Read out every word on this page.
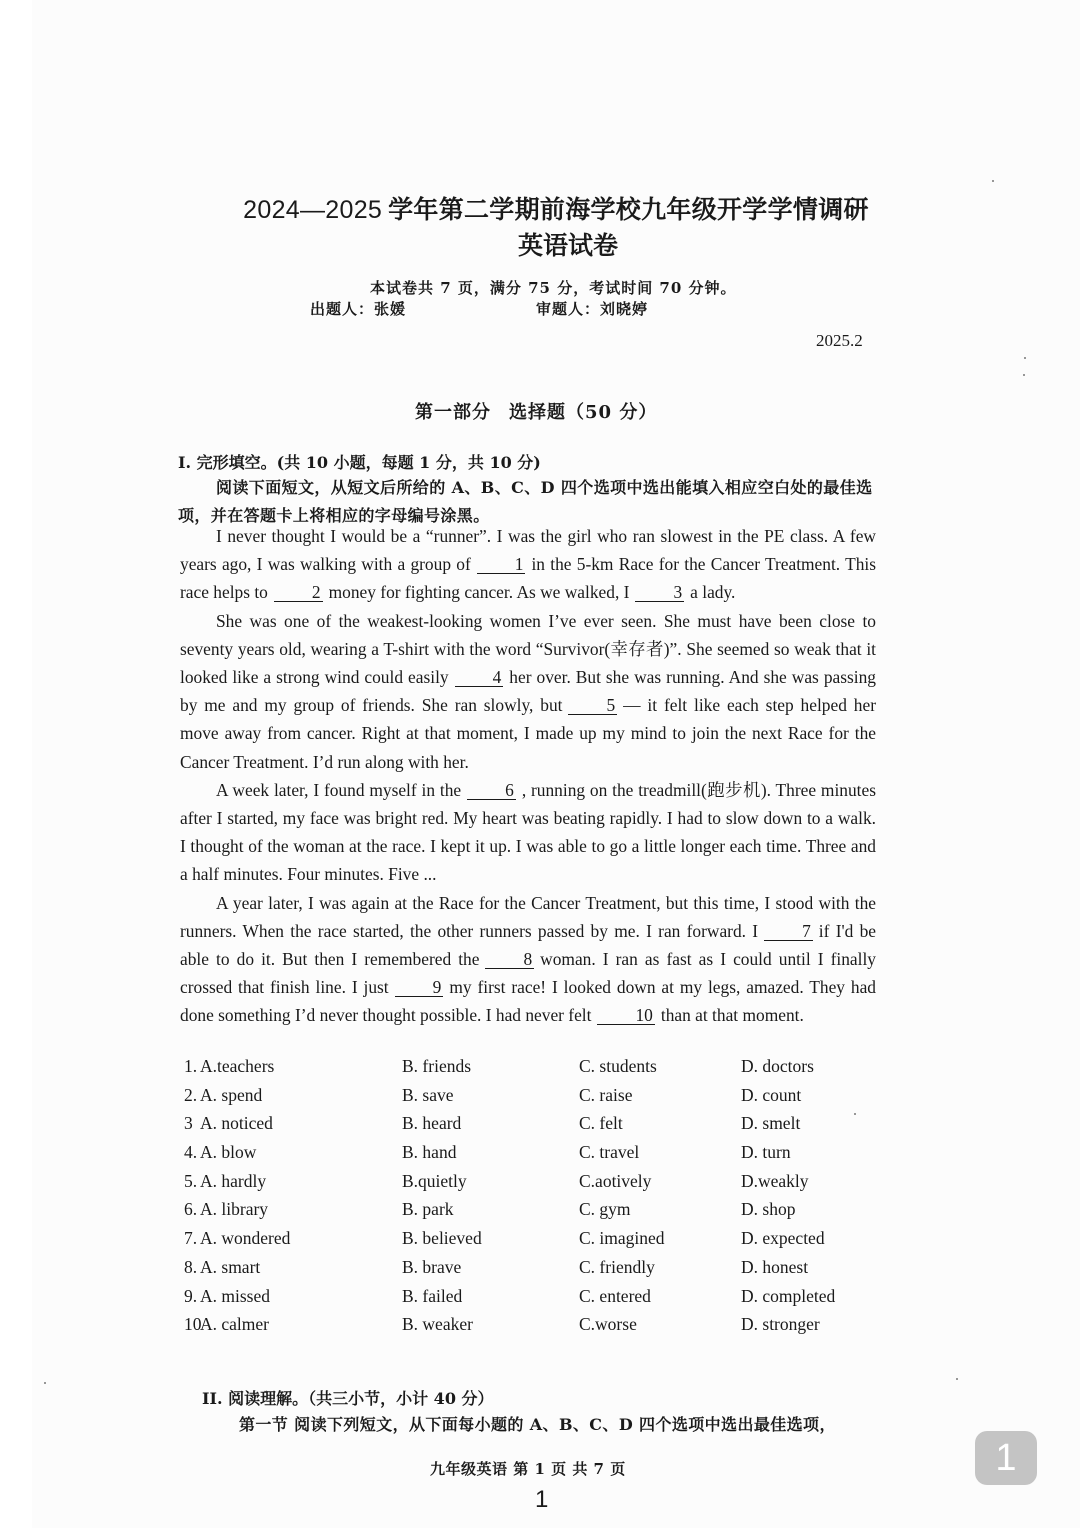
2024—2025 学年第二学期前海学校九年级开学学情调研
英语试卷
本试卷共 7 页，满分 75 分，考试时间 70 分钟。
出题人：张媛	审题人：刘晓婷
2025.2
第一部分 选择题（50 分）
I. 完形填空。(共 10 小题，每题 1 分，共 10 分)
阅读下面短文，从短文后所给的 A、B、C、D 四个选项中选出能填入相应空白处的最佳选项，并在答题卡上将相应的字母编号涂黑。

I never thought I would be a “runner”. I was the girl who ran slowest in the PE class. A few years ago, I was walking with a group of	1 in the 5-km Race for the Cancer Treatment. This race helps to	2 money for fighting cancer. As we walked, I	3 a lady.

She was one of the weakest-looking women I’ve ever seen. She must have been close to seventy years old, wearing a T-shirt with the word “Survivor(幸存者)”. She seemed so weak that it looked like a strong wind could easily	4 her over. But she was running. And she was passing by me and my group of friends. She ran slowly, but	5 — it felt like each step helped her move away from cancer. Right at that moment, I made up my mind to join the next Race for the Cancer Treatment. I’d run along with her.

A week later, I found myself in the	6 , running on the treadmill(跑步机). Three minutes after I started, my face was bright red. My heart was beating rapidly. I had to slow down to a walk. I thought of the woman at the race. I kept it up. I was able to go a little longer each time. Three and a half minutes. Four minutes. Five ...

A year later, I was again at the Race for the Cancer Treatment, but this time, I stood with the runners. When the race started, the other runners passed by me. I ran forward. I	7 if I'd be able to do it. But then I remembered the	8 woman. I ran as fast as I could until I finally crossed that finish line. I just	9 my first race! I looked down at my legs, amazed. They had done something I’d never thought possible. I had never felt	10 than at that moment.

1. A.teachers	B. friends	C. students	D. doctors
2. A. spend	B. save	C. raise	D. count
3 A. noticed	B. heard	C. felt	D. smelt
4. A. blow	B. hand	C. travel	D. turn
5. A. hardly	B.quietly	C.aotively	D.weakly
6. A. library	B. park	C. gym	D. shop
7. A. wondered	B. believed	C. imagined	D. expected
8. A. smart	B. brave	C. friendly	D. honest
9. A. missed	B. failed	C. entered	D. completed
10
A. calmer	B. weaker	C.worse	D. stronger
II. 阅读理解。（共三小节，小计 40 分）
第一节 阅读下列短文，从下面每小题的 A、B、C、D 四个选项中选出最佳选项，
九年级英语 第 1 页 共 7 页
1
1
